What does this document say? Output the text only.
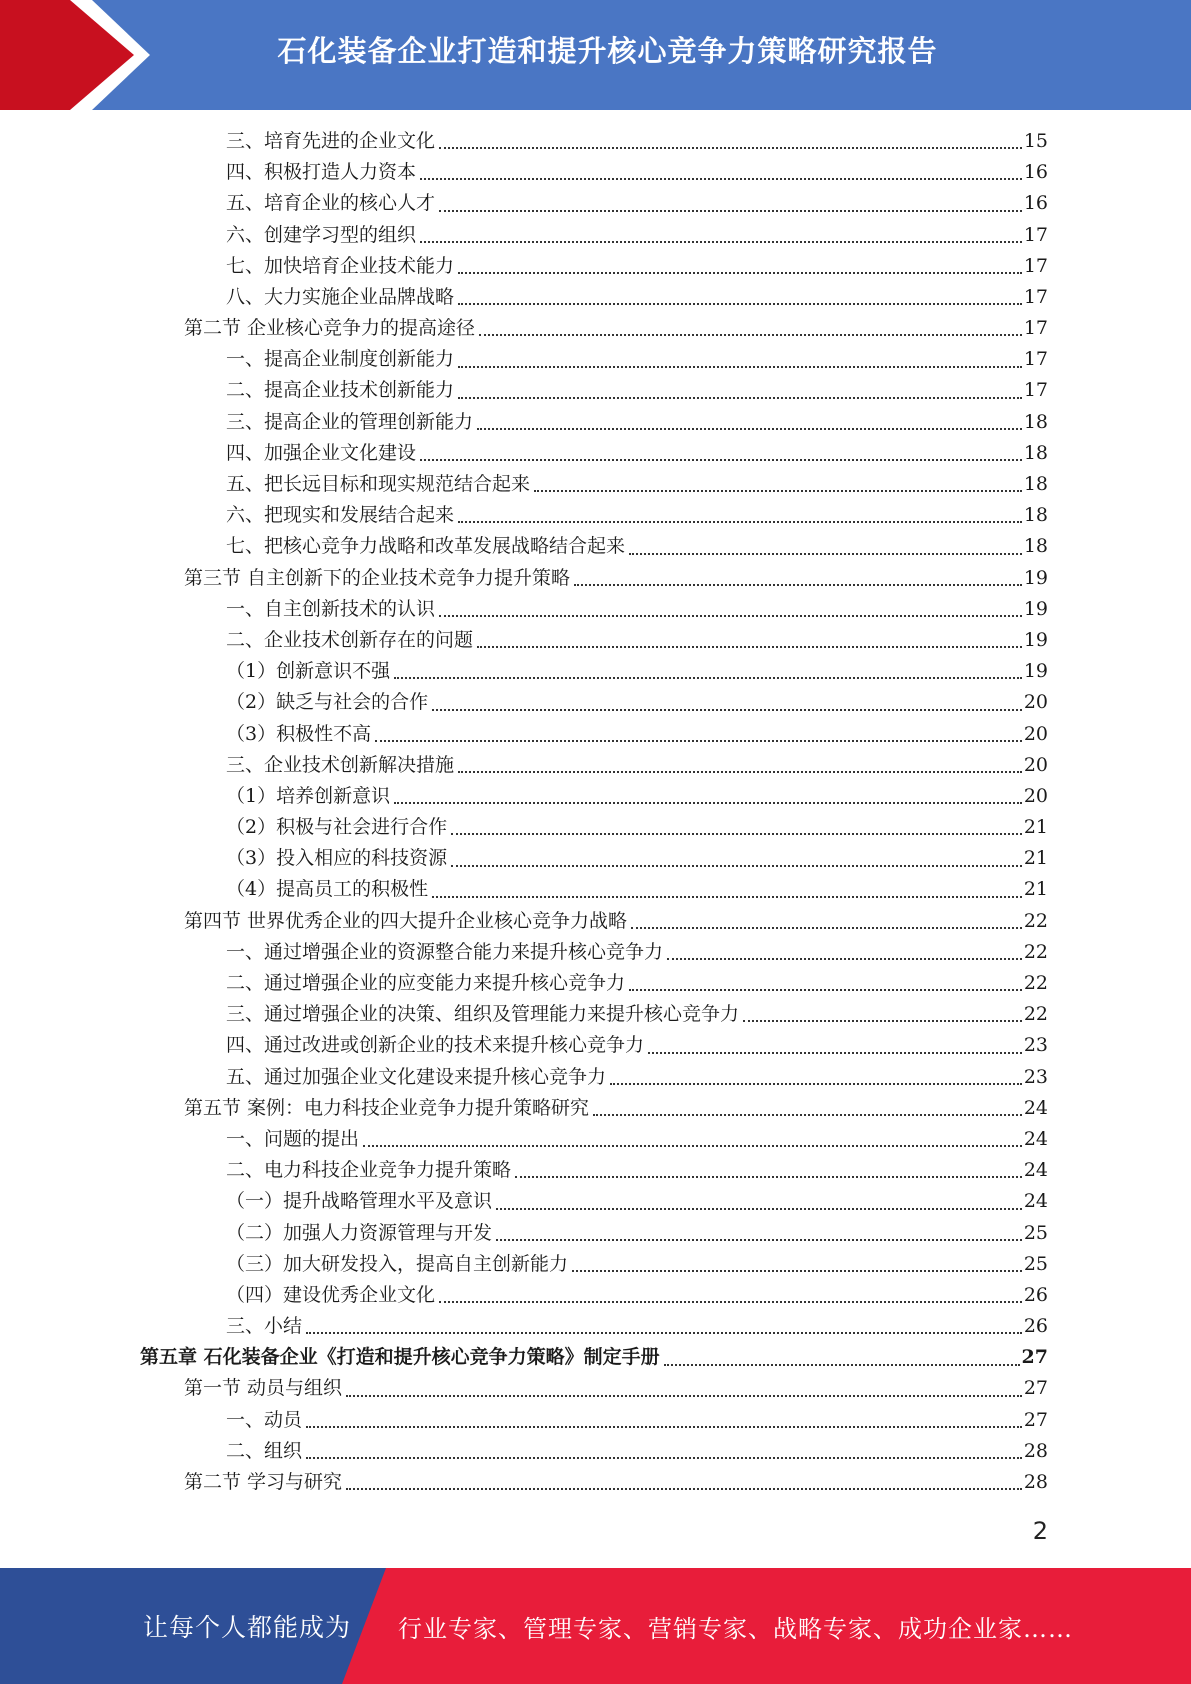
石化装备企业打造和提升核心竞争力策略研究报告
三、培育先进的企业文化	15
四、积极打造人力资本	16
五、培育企业的核心人才	16
六、创建学习型的组织	17
七、加快培育企业技术能力	17
八、大力实施企业品牌战略	17
第二节 企业核心竞争力的提高途径	17
一、提高企业制度创新能力	17
二、提高企业技术创新能力	17
三、提高企业的管理创新能力	18
四、加强企业文化建设	18
五、把长远目标和现实规范结合起来	18
六、把现实和发展结合起来	18
七、把核心竞争力战略和改革发展战略结合起来	18
第三节 自主创新下的企业技术竞争力提升策略	19
一、自主创新技术的认识	19
二、企业技术创新存在的问题	19
（1）创新意识不强	19
（2）缺乏与社会的合作	20
（3）积极性不高	20
三、企业技术创新解决措施	20
（1）培养创新意识	20
（2）积极与社会进行合作	21
（3）投入相应的科技资源	21
（4）提高员工的积极性	21
第四节 世界优秀企业的四大提升企业核心竞争力战略	22
一、通过增强企业的资源整合能力来提升核心竞争力	22
二、通过增强企业的应变能力来提升核心竞争力	22
三、通过增强企业的决策、组织及管理能力来提升核心竞争力	22
四、通过改进或创新企业的技术来提升核心竞争力	23
五、通过加强企业文化建设来提升核心竞争力	23
第五节 案例：电力科技企业竞争力提升策略研究	24
一、问题的提出	24
二、电力科技企业竞争力提升策略	24
（一）提升战略管理水平及意识	24
（二）加强人力资源管理与开发	25
（三）加大研发投入，提高自主创新能力	25
（四）建设优秀企业文化	26
三、小结	26
第五章 石化装备企业《打造和提升核心竞争力策略》制定手册	27
第一节 动员与组织	27
一、动员	27
二、组织	28
第二节 学习与研究	28
2
让每个人都能成为 行业专家、管理专家、营销专家、战略专家、成功企业家……
